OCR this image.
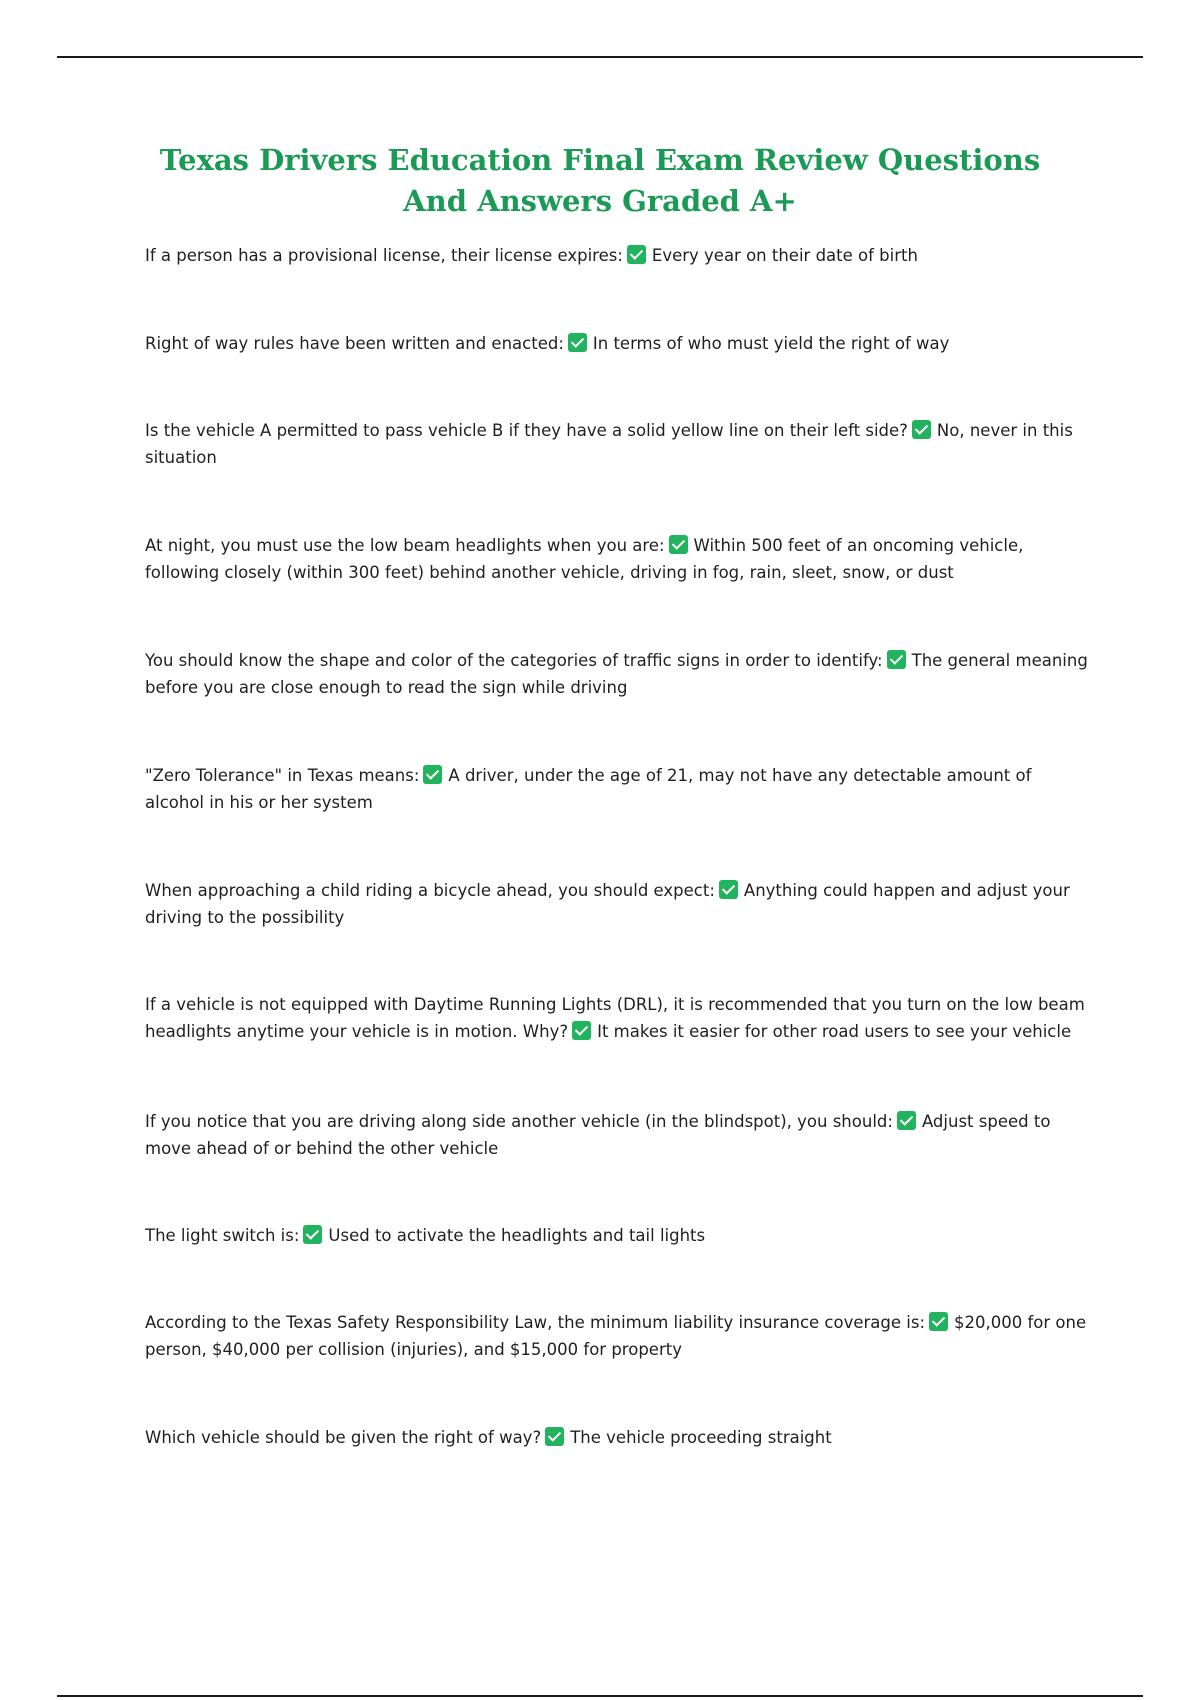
Texas Drivers Education Final Exam Review Questions And Answers Graded A+
If a person has a provisional license, their license expires: Every year on their date of birth
Right of way rules have been written and enacted: In terms of who must yield the right of way
Is the vehicle A permitted to pass vehicle B if they have a solid yellow line on their left side? No, never in this situation
At night, you must use the low beam headlights when you are: Within 500 feet of an oncoming vehicle, following closely (within 300 feet) behind another vehicle, driving in fog, rain, sleet, snow, or dust
You should know the shape and color of the categories of traffic signs in order to identify: The general meaning before you are close enough to read the sign while driving
"Zero Tolerance" in Texas means: A driver, under the age of 21, may not have any detectable amount of alcohol in his or her system
When approaching a child riding a bicycle ahead, you should expect: Anything could happen and adjust your driving to the possibility
If a vehicle is not equipped with Daytime Running Lights (DRL), it is recommended that you turn on the low beam headlights anytime your vehicle is in motion. Why? It makes it easier for other road users to see your vehicle
If you notice that you are driving along side another vehicle (in the blindspot), you should: Adjust speed to move ahead of or behind the other vehicle
The light switch is: Used to activate the headlights and tail lights
According to the Texas Safety Responsibility Law, the minimum liability insurance coverage is: $20,000 for one person, $40,000 per collision (injuries), and $15,000 for property
Which vehicle should be given the right of way? The vehicle proceeding straight
